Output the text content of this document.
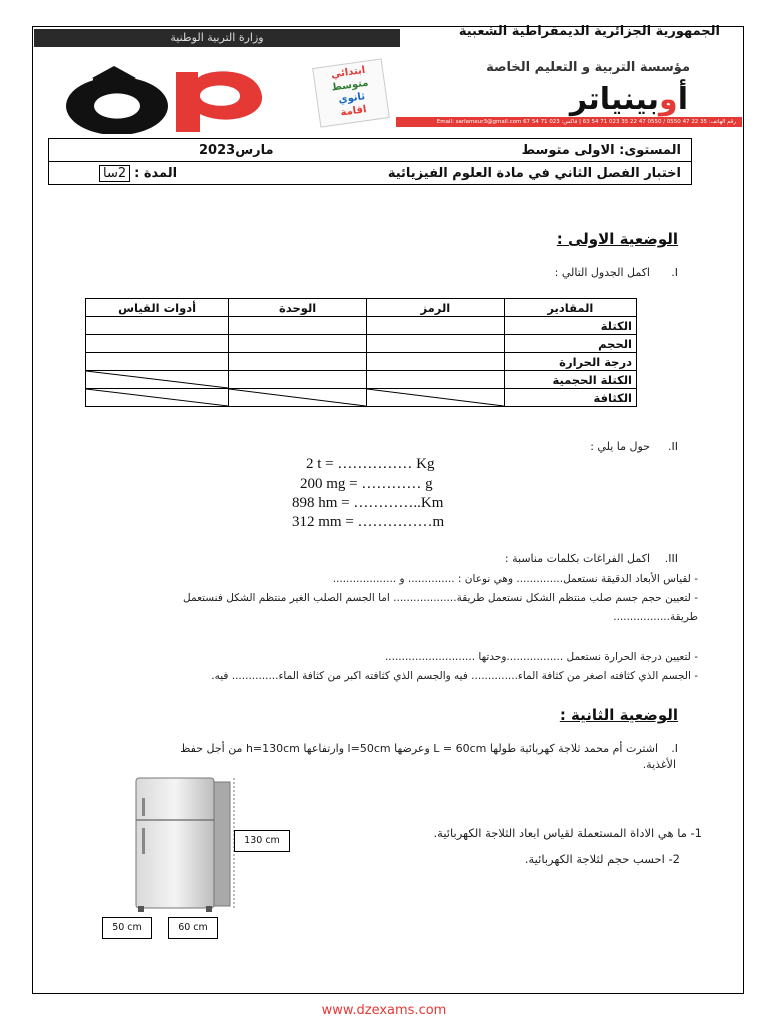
الجمهورية الجزائرية الديمقراطية الشعبية
وزارة التربية الوطنية
مؤسسة التربية و التعليم الخاصة
أوبينياتر
ابتدائي
متوسط
ثانوي
اقامة
رقم الهاتف: 35 22 47 0550 / 0550 47 22 35 023 71 54 63 | فاكس: 023 71 54 67 Email: sarlameur3@gmail.com
المستوى: الاولى متوسط
مارس2023
اختبار الفصل الثاني في مادة العلوم الفيزيائية
المدة :2سا
الوضعية الاولى :
I.
اكمل الجدول التالي :
المقادير	الرمز	الوحدة	أدوات القياس
الكتلة			
الحجم			
درجة الحرارة			
الكتلة الحجمية			

الكثافة	

II.
حول ما يلي :
2 t = …………… Kg
200 mg = ………… g
898 hm = …………..Km
312 mm = ……………m
III.
اكمل الفراغات بكلمات مناسبة :
- لقياس الأبعاد الدقيقة نستعمل.............. وهي نوعان : .............. و ...................
- لتعيين حجم جسم صلب منتظم الشكل نستعمل طريقة................... اما الجسم الصلب الغير منتظم الشكل فنستعمل
طريقة.................
- لتعيين درجة الحرارة نستعمل .................وحدتها ...........................
- الجسم الذي كثافته اصغر من كثافة الماء.............. فيه والجسم الذي كثافته اكبر من كثافة الماء.............. فيه.
الوضعية الثانية :
I.
اشترت أم محمد ثلاجة كهربائية طولها L = 60cm وعرضها l=50cm وارتفاعها h=130cm من أجل حفظ
الأغذية.
1- ما هي الاداة المستعملة لقياس ابعاد الثلاجة الكهربائية.
2- احسب حجم لثلاجة الكهربائية.
130 cm
50 cm	60 cm
www.dzexams.com
